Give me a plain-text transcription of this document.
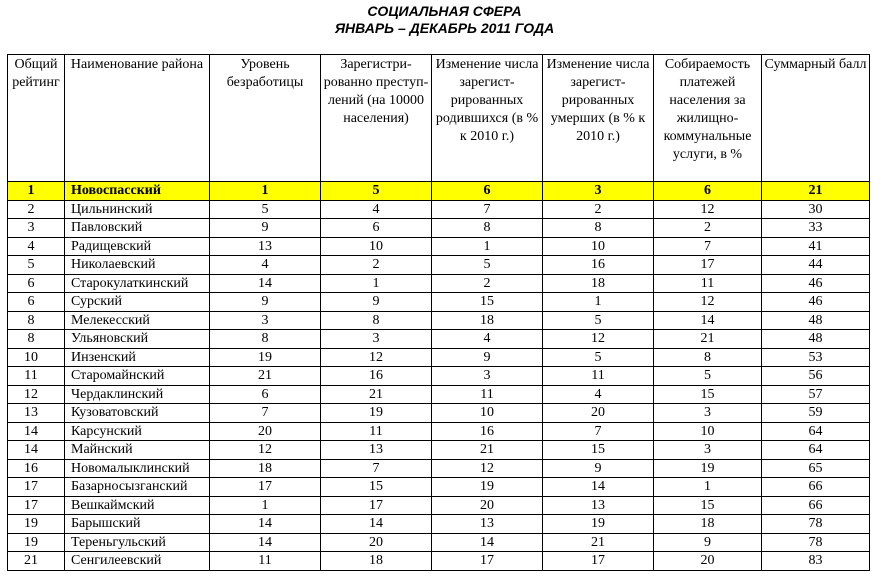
СОЦИАЛЬНАЯ СФЕРА
ЯНВАРЬ – ДЕКАБРЬ 2011 ГОДА
Общий рейтинг	Наименование района	Уровень безработицы	Зарегистри-рованно преступ-лений (на 10000 населения)	Изменение числа зарегист-рированных родившихся (в % к 2010 г.)	Изменение числа зарегист-рированных умерших (в % к 2010 г.)	Собираемость платежей населения за жилищно-коммунальные услуги, в %	Суммарный балл
1	Новоспасский	1	5	6	3	6	21
2	Цильнинский	5	4	7	2	12	30
3	Павловский	9	6	8	8	2	33
4	Радищевский	13	10	1	10	7	41
5	Николаевский	4	2	5	16	17	44
6	Старокулаткинский	14	1	2	18	11	46
6	Сурский	9	9	15	1	12	46
8	Мелекесский	3	8	18	5	14	48
8	Ульяновский	8	3	4	12	21	48
10	Инзенский	19	12	9	5	8	53
11	Старомайнский	21	16	3	11	5	56
12	Чердаклинский	6	21	11	4	15	57
13	Кузоватовский	7	19	10	20	3	59
14	Карсунский	20	11	16	7	10	64
14	Майнский	12	13	21	15	3	64
16	Новомалыклинский	18	7	12	9	19	65
17	Базарносызганский	17	15	19	14	1	66
17	Вешкаймский	1	17	20	13	15	66
19	Барышский	14	14	13	19	18	78
19	Тереньгульский	14	20	14	21	9	78
21	Сенгилеевский	11	18	17	17	20	83
